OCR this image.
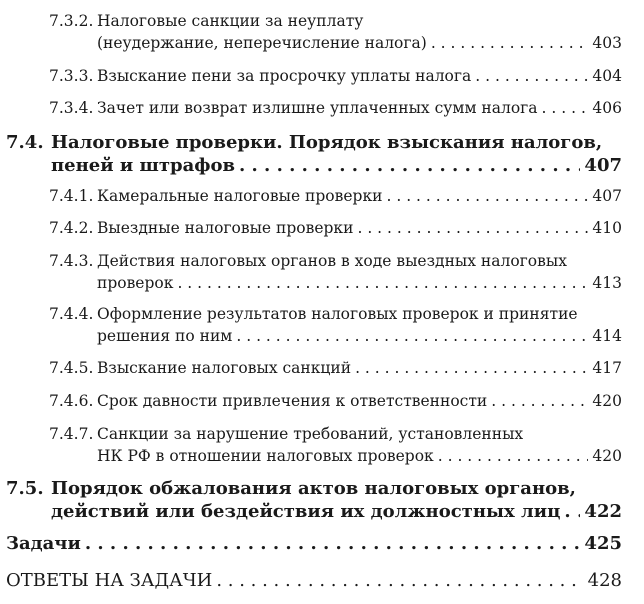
7.3.2. Налоговые санкции за неуплату
(неудержание, неперечисление налога) . . .	403
7.3.3. Взыскание пени за просрочку уплаты налога . . .	404
7.3.4. Зачет или возврат излишне уплаченных сумм налога . . .	406
7.4. Налоговые проверки. Порядок взыскания налогов,
пеней и штрафов . . .	407
7.4.1. Камеральные налоговые проверки . . .	407
7.4.2. Выездные налоговые проверки . . .	410
7.4.3. Действия налоговых органов в ходе выездных налоговых
проверок . . .	413
7.4.4. Оформление результатов налоговых проверок и принятие
решения по ним . . .	414
7.4.5. Взыскание налоговых санкций . . .	417
7.4.6. Срок давности привлечения к ответственности . . .	420
7.4.7. Санкции за нарушение требований, установленных
НК РФ в отношении налоговых проверок . . .	420
7.5. Порядок обжалования актов налоговых органов,
действий или бездействия их должностных лиц . . . 422
Задачи . . .	425
ОТВЕТЫ НА ЗАДАЧИ . . .	428
